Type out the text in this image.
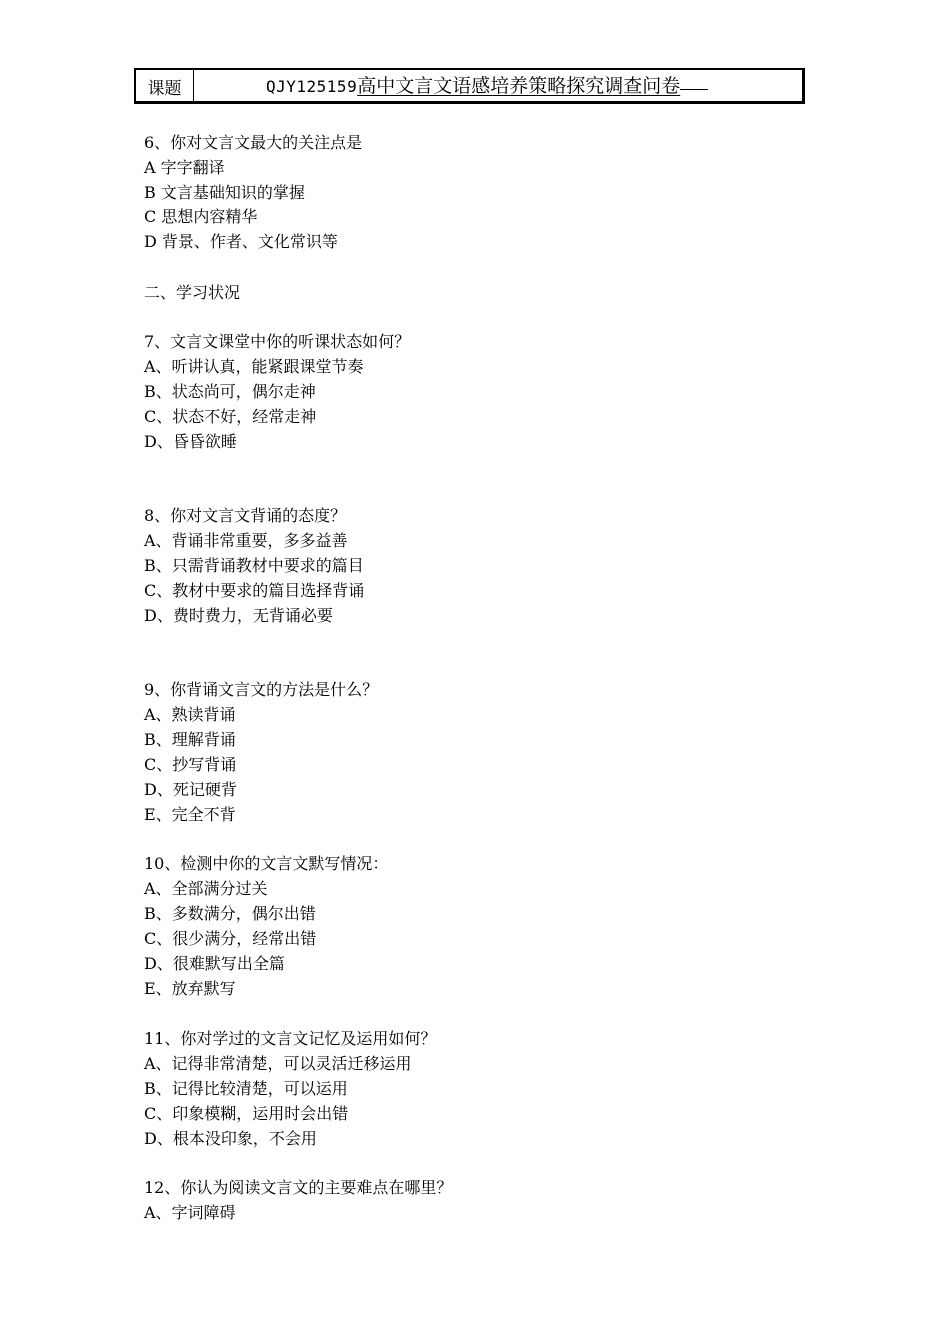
课题	QJY125159高中文言文语感培养策略探究调查问卷
6、你对文言文最大的关注点是
A 字字翻译
B 文言基础知识的掌握
C 思想内容精华
D 背景、作者、文化常识等
二、学习状况
7、文言文课堂中你的听课状态如何？
A、听讲认真，能紧跟课堂节奏
B、状态尚可，偶尔走神
C、状态不好，经常走神
D、昏昏欲睡
8、你对文言文背诵的态度？
A、背诵非常重要，多多益善
B、只需背诵教材中要求的篇目
C、教材中要求的篇目选择背诵
D、费时费力，无背诵必要
9、你背诵文言文的方法是什么？
A、熟读背诵
B、理解背诵
C、抄写背诵
D、死记硬背
E、完全不背
10、检测中你的文言文默写情况：
A、全部满分过关
B、多数满分，偶尔出错
C、很少满分，经常出错
D、很难默写出全篇
E、放弃默写
11、你对学过的文言文记忆及运用如何？
A、记得非常清楚，可以灵活迁移运用
B、记得比较清楚，可以运用
C、印象模糊，运用时会出错
D、根本没印象，不会用
12、你认为阅读文言文的主要难点在哪里？
A、字词障碍
